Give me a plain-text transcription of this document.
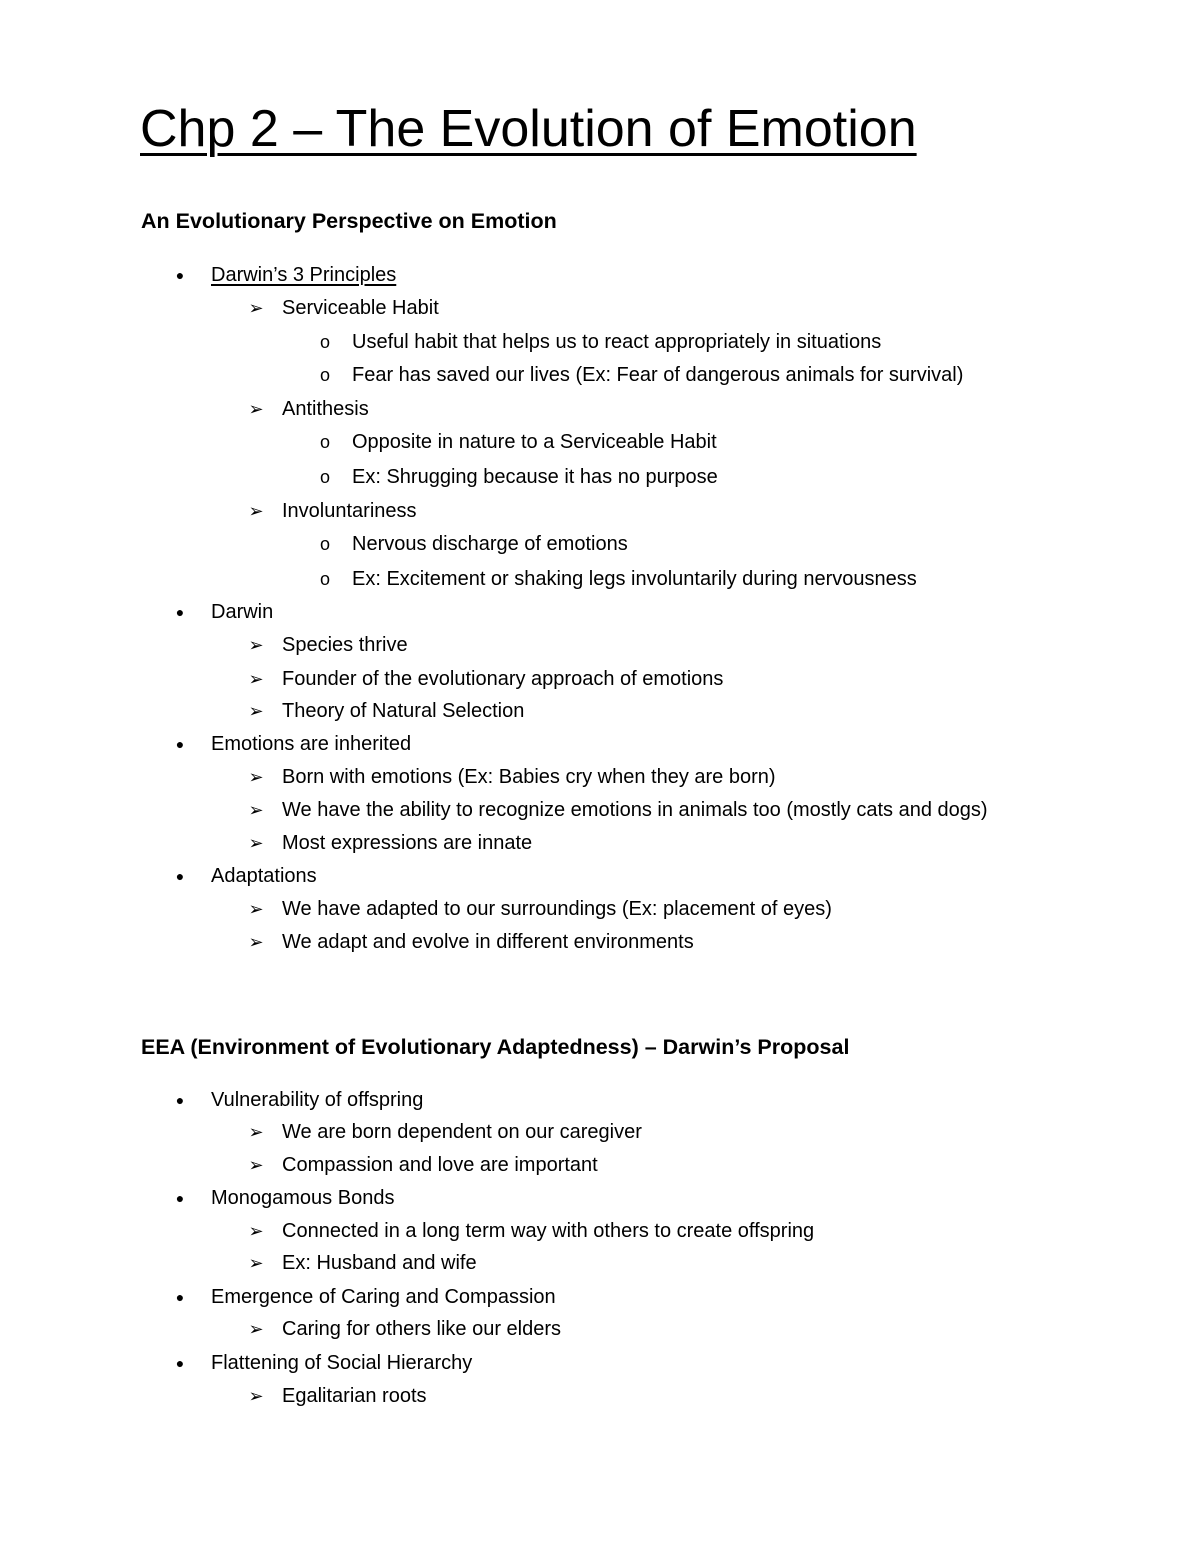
Chp 2 – The Evolution of Emotion
An Evolutionary Perspective on Emotion
●	Darwin’s 3 Principles
➢ Serviceable Habit
o	Useful habit that helps us to react appropriately in situations
o	Fear has saved our lives (Ex: Fear of dangerous animals for survival)
➢ Antithesis
o	Opposite in nature to a Serviceable Habit
o	Ex: Shrugging because it has no purpose
➢ Involuntariness
o	Nervous discharge of emotions
o	Ex: Excitement or shaking legs involuntarily during nervousness
●	Darwin
➢ Species thrive
➢ Founder of the evolutionary approach of emotions
➢ Theory of Natural Selection
●	Emotions are inherited
➢ Born with emotions (Ex: Babies cry when they are born)
➢ We have the ability to recognize emotions in animals too (mostly cats and dogs)
➢ Most expressions are innate
●	Adaptations
➢ We have adapted to our surroundings (Ex: placement of eyes)
➢ We adapt and evolve in different environments
EEA (Environment of Evolutionary Adaptedness) – Darwin’s Proposal
●	Vulnerability of offspring
➢ We are born dependent on our caregiver
➢ Compassion and love are important
●	Monogamous Bonds
➢ Connected in a long term way with others to create offspring
➢ Ex: Husband and wife
●	Emergence of Caring and Compassion
➢ Caring for others like our elders
●	Flattening of Social Hierarchy
➢ Egalitarian roots
